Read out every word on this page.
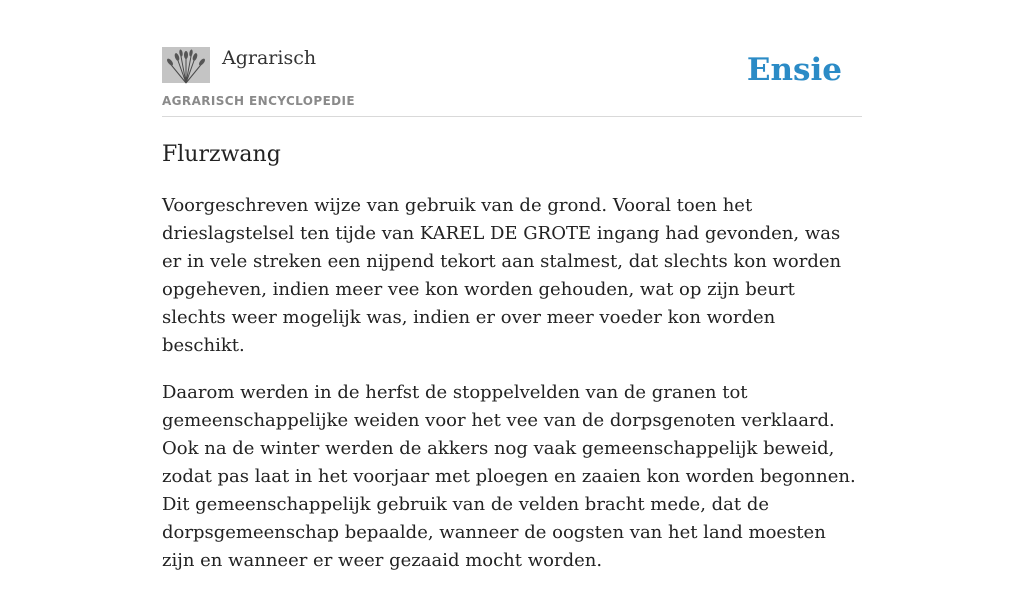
Agrarisch
AGRARISCH ENCYCLOPEDIE
Ensie
Flurzwang

Voorgeschreven wijze van gebruik van de grond. Vooral toen het drieslagstelsel ten tijde van KAREL DE GROTE ingang had gevonden, was er in vele streken een nijpend tekort aan stalmest, dat slechts kon worden opgeheven, indien meer vee kon worden gehouden, wat op zijn beurt slechts weer mogelijk was, indien er over meer voeder kon worden beschikt.

Daarom werden in de herfst de stoppelvelden van de granen tot gemeenschappelijke weiden voor het vee van de dorpsgenoten verklaard. Ook na de winter werden de akkers nog vaak gemeenschappelijk beweid, zodat pas laat in het voorjaar met ploegen en zaaien kon worden begonnen. Dit gemeenschappelijk gebruik van de velden bracht mede, dat de dorpsgemeenschap bepaalde, wanneer de oogsten van het land moesten zijn en wanneer er weer gezaaid mocht worden.
